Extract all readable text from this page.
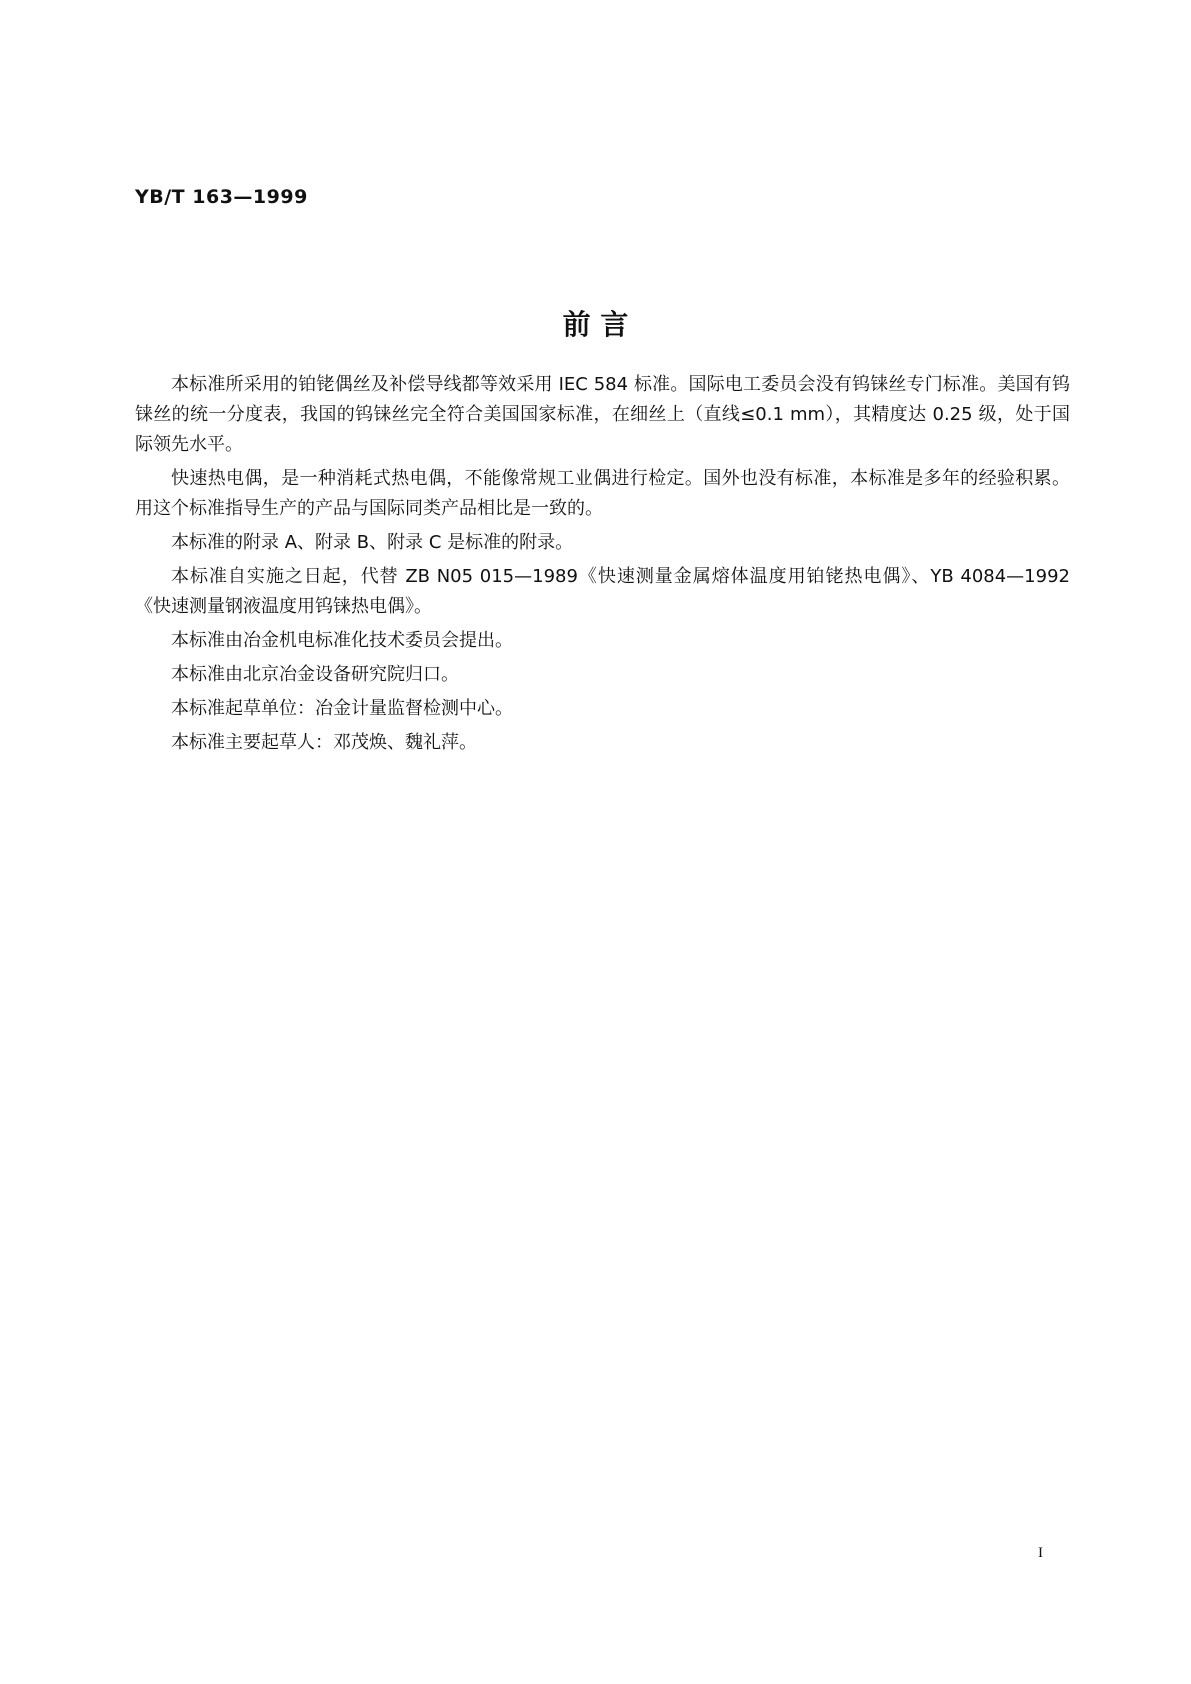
YB/T 163—1999

前 言

本标准所采用的铂铑偶丝及补偿导线都等效采用 IEC 584 标准。国际电工委员会没有钨铼丝专门标准。美国有钨铼丝的统一分度表，我国的钨铼丝完全符合美国国家标准，在细丝上（直线≤0.1 mm），其精度达 0.25 级，处于国际领先水平。

快速热电偶，是一种消耗式热电偶，不能像常规工业偶进行检定。国外也没有标准，本标准是多年的经验积累。用这个标准指导生产的产品与国际同类产品相比是一致的。

本标准的附录 A、附录 B、附录 C 是标准的附录。

本标准自实施之日起，代替 ZB N05 015—1989《快速测量金属熔体温度用铂铑热电偶》、YB 4084—1992《快速测量钢液温度用钨铼热电偶》。

本标准由冶金机电标准化技术委员会提出。

本标准由北京冶金设备研究院归口。

本标准起草单位：冶金计量监督检测中心。

本标准主要起草人：邓茂焕、魏礼萍。

I
